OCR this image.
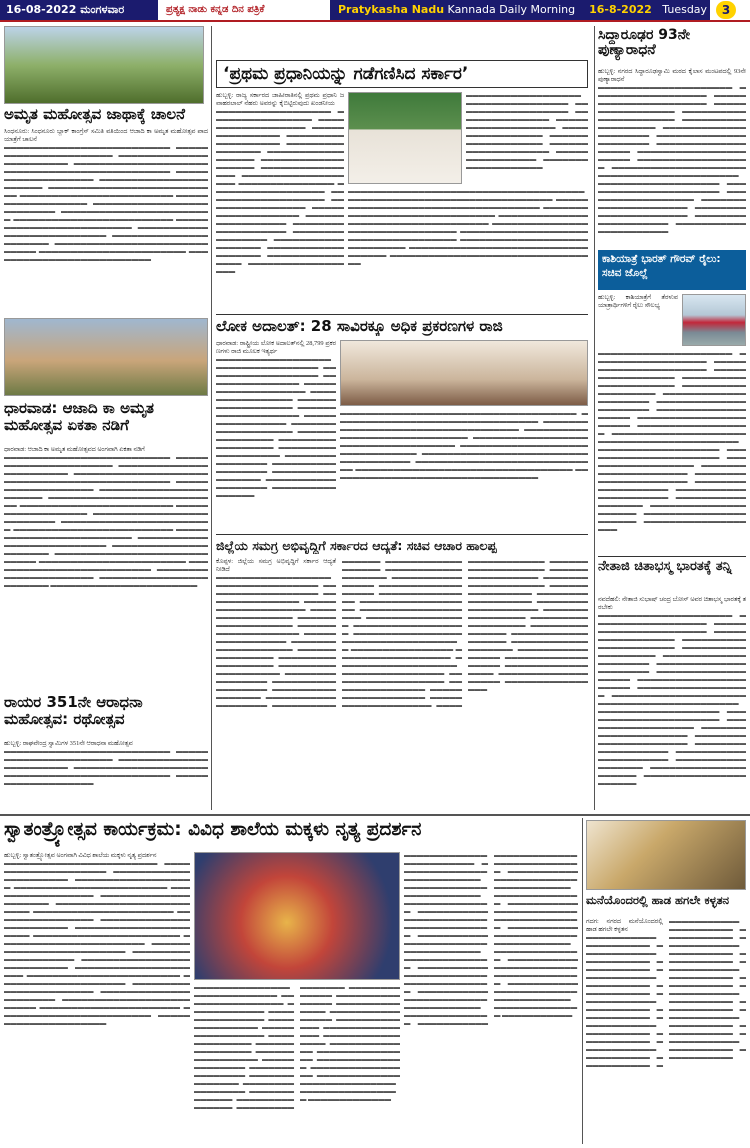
16-08-2022 ಮಂಗಳವಾರ	ಪ್ರತ್ಯಕ್ಷ ನಾಡು ಕನ್ನಡ ದಿನ ಪತ್ರಿಕೆ	Pratykasha Nadu Kannada Daily Morning 16-8-2022 Tuesday	3
ಅಮೃತ ಮಹೋತ್ಸವ ಜಾಥಾಕ್ಕೆ ಚಾಲನೆ
ಸಿಂಧನೂರು: ಸಿಂಧನೂರು ಬ್ಲಾಕ್ ಕಾಂಗ್ರೆಸ್ ಸಮಿತಿ ವತಿಯಿಂದ ಆಜಾದಿ ಕಾ ಅಮೃತ ಮಹೋತ್ಸವ ಪಾದಯಾತ್ರೆಗೆ ಚಾಲನೆ
▬▬▬▬▬▬▬▬▬▬▬▬▬▬▬▬▬▬▬▬▬▬▬▬▬▬ ▬▬▬▬▬▬▬▬▬▬▬▬▬▬▬▬▬▬▬▬▬▬ ▬▬▬▬▬▬▬▬▬▬▬▬▬▬▬▬▬▬▬▬▬▬▬▬ ▬▬▬▬▬▬▬▬▬▬▬▬▬▬▬▬▬▬▬▬▬ ▬▬▬▬▬▬▬▬▬▬▬▬▬▬▬▬▬▬▬▬▬▬▬▬▬▬ ▬▬▬▬▬▬▬▬▬▬▬▬▬▬▬▬▬▬▬ ▬▬▬▬▬▬▬▬▬▬▬▬▬▬▬▬▬▬▬▬▬▬▬ ▬▬▬▬▬▬▬▬▬▬▬▬▬▬▬▬▬▬▬▬▬▬▬▬▬▬▬ ▬▬▬▬▬▬▬▬▬▬▬▬▬▬▬▬▬▬▬▬▬▬▬▬ ▬▬▬▬▬▬▬▬▬▬▬▬▬▬▬▬▬▬ ▬▬▬▬▬▬▬▬▬▬▬▬▬▬▬▬▬▬▬▬▬▬▬▬▬▬ ▬▬▬▬▬▬▬▬▬▬▬▬▬▬▬▬▬▬▬▬▬▬▬▬ ▬▬▬▬▬▬▬▬▬▬▬▬▬▬▬▬▬▬▬▬▬▬▬▬▬ ▬▬▬▬▬▬▬▬▬▬▬▬▬▬▬▬▬▬▬▬▬▬▬▬▬ ▬▬▬▬▬▬▬▬▬▬▬▬▬▬▬▬▬▬▬▬▬▬▬▬▬▬▬ ▬▬▬▬▬▬▬▬▬▬▬▬▬▬▬▬▬▬▬▬▬▬ ▬▬▬▬▬▬▬▬▬▬▬▬▬▬▬▬▬▬▬▬▬▬▬▬▬▬▬▬▬ ▬▬▬▬▬▬▬▬▬▬▬▬▬▬▬▬▬▬▬▬▬▬▬ ▬▬▬▬▬▬▬▬▬▬▬▬▬▬▬▬▬▬▬▬▬▬▬▬▬▬
ಧಾರವಾಡ: ಆಜಾದಿ ಕಾ ಅಮೃತ ಮಹೋತ್ಸವ ಏಕತಾ ನಡಿಗೆ
ಧಾರವಾಡ: ಆಜಾದಿ ಕಾ ಅಮೃತ ಮಹೋತ್ಸವದ ಅಂಗವಾಗಿ ಏಕತಾ ನಡಿಗೆ
▬▬▬▬▬▬▬▬▬▬▬▬▬▬▬▬▬▬▬▬▬▬▬▬▬▬ ▬▬▬▬▬▬▬▬▬▬▬▬▬▬▬▬▬▬▬▬▬▬ ▬▬▬▬▬▬▬▬▬▬▬▬▬▬▬▬▬▬▬▬▬▬▬▬ ▬▬▬▬▬▬▬▬▬▬▬▬▬▬▬▬▬▬▬▬▬ ▬▬▬▬▬▬▬▬▬▬▬▬▬▬▬▬▬▬▬▬▬▬▬▬▬▬ ▬▬▬▬▬▬▬▬▬▬▬▬▬▬▬▬▬▬▬ ▬▬▬▬▬▬▬▬▬▬▬▬▬▬▬▬▬▬▬▬▬▬▬ ▬▬▬▬▬▬▬▬▬▬▬▬▬▬▬▬▬▬▬▬▬▬▬▬▬▬▬ ▬▬▬▬▬▬▬▬▬▬▬▬▬▬▬▬▬▬▬▬▬▬▬▬ ▬▬▬▬▬▬▬▬▬▬▬▬▬▬▬▬▬▬ ▬▬▬▬▬▬▬▬▬▬▬▬▬▬▬▬▬▬▬▬▬▬▬▬▬▬ ▬▬▬▬▬▬▬▬▬▬▬▬▬▬▬▬▬▬▬▬▬▬▬▬ ▬▬▬▬▬▬▬▬▬▬▬▬▬▬▬▬▬▬▬▬▬▬▬▬▬ ▬▬▬▬▬▬▬▬▬▬▬▬▬▬▬▬▬▬▬▬▬▬▬▬▬ ▬▬▬▬▬▬▬▬▬▬▬▬▬▬▬▬▬▬▬▬▬▬▬▬▬▬▬ ▬▬▬▬▬▬▬▬▬▬▬▬▬▬▬▬▬▬▬▬▬▬ ▬▬▬▬▬▬▬▬▬▬▬▬▬▬▬▬▬▬▬▬▬▬▬▬▬▬▬▬▬ ▬▬▬▬▬▬▬▬▬▬▬▬▬▬▬▬▬▬▬▬▬▬▬ ▬▬▬▬▬▬▬▬▬▬▬▬▬▬▬▬▬▬▬▬▬▬▬▬▬▬ ▬▬▬▬▬▬▬▬▬▬▬▬▬▬▬▬▬▬▬▬▬▬ ▬▬▬▬▬▬▬▬▬▬▬▬▬▬▬▬▬▬▬▬▬▬▬▬ ▬▬▬▬▬▬▬▬▬▬▬▬▬▬▬▬▬▬▬▬▬▬▬
ರಾಯರ 351ನೇ ಆರಾಧನಾ ಮಹೋತ್ಸವ: ರಥೋತ್ಸವ
ಹುಬ್ಬಳ್ಳಿ: ರಾಘವೇಂದ್ರ ಸ್ವಾಮಿಗಳ 351ನೇ ಆರಾಧನಾ ಮಹೋತ್ಸವ
▬▬▬▬▬▬▬▬▬▬▬▬▬▬▬▬▬▬▬▬▬▬▬▬▬▬ ▬▬▬▬▬▬▬▬▬▬▬▬▬▬▬▬▬▬▬▬▬▬ ▬▬▬▬▬▬▬▬▬▬▬▬▬▬▬▬▬▬▬▬▬▬▬▬ ▬▬▬▬▬▬▬▬▬▬▬▬▬▬▬▬▬▬▬▬▬ ▬▬▬▬▬▬▬▬▬▬▬▬▬▬▬▬▬▬▬▬▬▬▬▬▬▬ ▬▬▬▬▬▬▬▬▬▬▬▬▬▬▬▬▬▬▬
‘ಪ್ರಥಮ ಪ್ರಧಾನಿಯನ್ನು ಗಡೆಗಣಿಸಿದ ಸರ್ಕಾರ’
ಹುಬ್ಬಳ್ಳಿ: ರಾಜ್ಯ ಸರ್ಕಾರದ ಜಾಹೀರಾತಿನಲ್ಲಿ ಪ್ರಥಮ ಪ್ರಧಾನಿ ಜವಾಹರಲಾಲ್ ನೆಹರು ಅವರನ್ನು ಕೈಬಿಟ್ಟಿರುವುದು ಖಂಡನೀಯ
▬▬▬▬▬▬▬▬▬▬▬▬▬▬▬▬▬▬ ▬▬▬▬▬▬▬▬▬▬▬▬▬▬▬▬ ▬▬▬▬▬▬▬▬▬▬▬▬▬▬▬▬▬▬ ▬▬▬▬▬▬▬▬▬▬▬▬▬▬▬ ▬▬▬▬▬▬▬▬▬▬▬▬▬▬▬▬▬▬▬ ▬▬▬▬▬▬▬▬▬▬▬▬▬▬▬▬ ▬▬▬▬▬▬▬▬▬▬▬▬▬▬▬▬▬▬ ▬▬▬▬▬▬▬▬▬▬▬▬▬▬▬▬▬▬▬ ▬▬▬▬▬▬▬▬▬▬▬▬▬▬▬▬ ▬▬▬▬▬▬▬▬▬▬▬▬▬▬▬▬▬▬▬ ▬▬▬▬▬▬▬▬▬▬▬▬▬▬▬ ▬▬▬▬▬▬▬▬▬▬▬▬▬▬▬▬▬▬ ▬▬▬▬▬▬▬▬▬▬▬▬▬▬▬▬▬▬▬ ▬▬▬▬▬▬▬▬▬▬▬▬▬▬▬▬ ▬▬▬▬▬▬▬▬▬▬▬▬▬▬▬▬▬▬ ▬▬▬▬▬▬▬▬▬▬▬▬▬▬▬▬▬ ▬▬▬▬▬▬▬▬▬▬▬▬▬▬▬▬▬▬▬ ▬▬▬▬▬▬▬▬▬▬▬▬▬▬▬▬ ▬▬▬▬▬▬▬▬▬▬▬▬▬▬▬▬▬▬ ▬▬▬▬▬▬▬▬▬▬▬▬▬▬▬▬▬▬▬ ▬▬▬▬▬▬▬▬▬▬▬▬▬▬▬▬ ▬▬▬▬▬▬▬▬▬▬▬▬▬▬▬▬▬▬
▬▬▬▬▬▬▬▬▬▬▬▬▬▬▬▬▬▬ ▬▬▬▬▬▬▬▬▬▬▬▬▬▬▬▬ ▬▬▬▬▬▬▬▬▬▬▬▬▬▬▬▬▬▬ ▬▬▬▬▬▬▬▬▬▬▬▬▬▬▬ ▬▬▬▬▬▬▬▬▬▬▬▬▬▬▬▬▬▬▬ ▬▬▬▬▬▬▬▬▬▬▬▬▬▬▬▬ ▬▬▬▬▬▬▬▬▬▬▬▬▬▬▬▬▬▬ ▬▬▬▬▬▬▬▬▬▬▬▬▬▬▬▬▬▬▬ ▬▬▬▬▬▬▬▬▬▬▬▬▬▬▬▬ ▬▬▬▬▬▬▬▬▬▬▬▬▬▬▬▬▬▬▬
▬▬▬▬▬▬▬▬▬▬▬▬▬▬▬▬▬▬▬▬▬▬▬▬▬▬▬▬▬▬▬▬▬▬▬▬▬ ▬▬▬▬▬▬▬▬▬▬▬▬▬▬▬▬▬▬▬▬▬▬▬▬▬▬▬▬▬▬▬▬ ▬▬▬▬▬▬▬▬▬▬▬▬▬▬▬▬▬▬▬▬▬▬▬▬▬▬▬▬▬▬▬▬▬▬▬ ▬▬▬▬▬▬▬▬▬▬▬▬▬▬▬▬▬▬▬▬▬▬▬▬▬▬▬▬▬▬ ▬▬▬▬▬▬▬▬▬▬▬▬▬▬▬▬▬▬▬▬▬▬▬▬▬▬▬▬▬▬▬▬▬▬▬▬ ▬▬▬▬▬▬▬▬▬▬▬▬▬▬▬▬▬▬▬▬▬▬▬▬▬▬▬▬▬▬▬▬ ▬▬▬▬▬▬▬▬▬▬▬▬▬▬▬▬▬▬▬▬▬▬▬▬▬▬▬▬▬▬▬▬▬▬▬▬▬ ▬▬▬▬▬▬▬▬▬▬▬▬▬▬▬▬▬▬▬▬▬▬▬▬▬▬▬▬▬ ▬▬▬▬▬▬▬▬▬▬▬▬▬▬▬▬▬▬▬▬▬▬▬▬▬▬▬▬▬▬▬▬▬▬ ▬▬▬▬▬▬▬▬▬▬▬▬▬▬▬▬▬▬▬▬▬▬▬▬▬▬▬▬▬▬▬▬▬
ಲೋಕ ಅದಾಲತ್: 28 ಸಾವಿರಕ್ಕೂ ಅಧಿಕ ಪ್ರಕರಣಗಳ ರಾಜಿ
ಧಾರವಾಡ: ರಾಷ್ಟ್ರೀಯ ಲೋಕ ಅದಾಲತ್‌ನಲ್ಲಿ 28,799 ಪ್ರಕರಣಗಳು ರಾಜಿ ಮೂಲಕ ಇತ್ಯರ್ಥ
▬▬▬▬▬▬▬▬▬▬▬▬▬▬▬▬▬▬ ▬▬▬▬▬▬▬▬▬▬▬▬▬▬▬▬ ▬▬▬▬▬▬▬▬▬▬▬▬▬▬▬▬▬▬ ▬▬▬▬▬▬▬▬▬▬▬▬▬▬▬ ▬▬▬▬▬▬▬▬▬▬▬▬▬▬▬▬▬▬▬ ▬▬▬▬▬▬▬▬▬▬▬▬▬▬▬▬ ▬▬▬▬▬▬▬▬▬▬▬▬▬▬▬▬▬▬ ▬▬▬▬▬▬▬▬▬▬▬▬▬▬▬▬▬▬▬ ▬▬▬▬▬▬▬▬▬▬▬▬▬▬▬▬ ▬▬▬▬▬▬▬▬▬▬▬▬▬▬▬▬▬▬▬ ▬▬▬▬▬▬▬▬▬▬▬▬▬▬▬ ▬▬▬▬▬▬▬▬▬▬▬▬▬▬▬▬▬▬ ▬▬▬▬▬▬▬▬▬▬▬▬▬▬▬▬▬▬▬ ▬▬▬▬▬▬▬▬▬▬▬▬▬▬▬▬ ▬▬▬▬▬▬▬▬▬▬▬▬▬▬▬▬▬▬ ▬▬▬▬▬▬▬▬▬▬▬▬▬▬▬▬▬ ▬▬▬▬▬▬▬▬▬▬▬▬▬▬▬▬▬▬▬ ▬▬▬▬▬▬▬▬▬▬▬▬▬▬▬▬
▬▬▬▬▬▬▬▬▬▬▬▬▬▬▬▬▬▬▬▬▬▬▬▬▬▬▬▬▬▬▬▬▬▬▬▬▬ ▬▬▬▬▬▬▬▬▬▬▬▬▬▬▬▬▬▬▬▬▬▬▬▬▬▬▬▬▬▬▬▬ ▬▬▬▬▬▬▬▬▬▬▬▬▬▬▬▬▬▬▬▬▬▬▬▬▬▬▬▬▬▬▬▬▬▬▬ ▬▬▬▬▬▬▬▬▬▬▬▬▬▬▬▬▬▬▬▬▬▬▬▬▬▬▬▬▬▬ ▬▬▬▬▬▬▬▬▬▬▬▬▬▬▬▬▬▬▬▬▬▬▬▬▬▬▬▬▬▬▬▬▬▬▬▬ ▬▬▬▬▬▬▬▬▬▬▬▬▬▬▬▬▬▬▬▬▬▬▬▬▬▬▬▬▬▬▬▬ ▬▬▬▬▬▬▬▬▬▬▬▬▬▬▬▬▬▬▬▬▬▬▬▬▬▬▬▬▬▬▬▬▬▬▬▬▬ ▬▬▬▬▬▬▬▬▬▬▬▬▬▬▬▬▬▬▬▬▬▬▬▬▬▬▬▬▬ ▬▬▬▬▬▬▬▬▬▬▬▬▬▬▬▬▬▬▬▬▬▬▬▬▬▬▬▬▬▬▬▬▬▬ ▬▬▬▬▬▬▬▬▬▬▬▬▬▬▬▬▬▬▬▬▬▬▬▬▬▬▬▬▬▬▬▬▬
ಜಿಲ್ಲೆಯ ಸಮಗ್ರ ಅಭಿವೃದ್ಧಿಗೆ ಸರ್ಕಾರದ ಆದ್ಯತೆ: ಸಚಿವ ಆಚಾರ ಹಾಲಪ್ಪ
ಕೊಪ್ಪಳ: ಜಿಲ್ಲೆಯ ಸಮಗ್ರ ಅಭಿವೃದ್ಧಿಗೆ ಸರ್ಕಾರ ಆದ್ಯತೆ ನೀಡಿದೆ
▬▬▬▬▬▬▬▬▬▬▬▬▬▬▬▬▬▬ ▬▬▬▬▬▬▬▬▬▬▬▬▬▬▬▬ ▬▬▬▬▬▬▬▬▬▬▬▬▬▬▬▬▬▬ ▬▬▬▬▬▬▬▬▬▬▬▬▬▬▬ ▬▬▬▬▬▬▬▬▬▬▬▬▬▬▬▬▬▬▬ ▬▬▬▬▬▬▬▬▬▬▬▬▬▬▬▬ ▬▬▬▬▬▬▬▬▬▬▬▬▬▬▬▬▬▬ ▬▬▬▬▬▬▬▬▬▬▬▬▬▬▬▬▬▬▬ ▬▬▬▬▬▬▬▬▬▬▬▬▬▬▬▬ ▬▬▬▬▬▬▬▬▬▬▬▬▬▬▬▬▬▬▬ ▬▬▬▬▬▬▬▬▬▬▬▬▬▬▬ ▬▬▬▬▬▬▬▬▬▬▬▬▬▬▬▬▬▬ ▬▬▬▬▬▬▬▬▬▬▬▬▬▬▬▬▬▬▬ ▬▬▬▬▬▬▬▬▬▬▬▬▬▬▬▬ ▬▬▬▬▬▬▬▬▬▬▬▬▬▬▬▬▬▬ ▬▬▬▬▬▬▬▬▬▬▬▬▬▬▬▬▬ ▬▬▬▬▬▬▬▬▬▬▬▬▬▬▬▬▬▬▬ ▬▬▬▬▬▬▬▬▬▬▬▬▬▬▬▬ ▬▬▬▬▬▬▬▬▬▬▬▬▬▬▬▬▬▬ ▬▬▬▬▬▬▬▬▬▬▬▬▬▬▬▬▬▬▬ ▬▬▬▬▬▬▬▬▬▬▬▬▬▬▬▬ ▬▬▬▬▬▬▬▬▬▬▬▬▬▬▬▬▬▬ ▬▬▬▬▬▬▬▬▬▬▬▬▬▬▬ ▬▬▬▬▬▬▬▬▬▬▬▬▬▬▬▬▬▬ ▬▬▬▬▬▬▬▬▬▬▬▬▬▬▬▬▬▬▬ ▬▬▬▬▬▬▬▬▬▬▬▬▬▬▬▬ ▬▬▬▬▬▬▬▬▬▬▬▬▬▬▬▬▬▬ ▬▬▬▬▬▬▬▬▬▬▬▬▬▬▬▬▬ ▬▬▬▬▬▬▬▬▬▬▬▬▬▬▬▬▬▬▬ ▬▬▬▬▬▬▬▬▬▬▬▬▬▬▬▬ ▬▬▬▬▬▬▬▬▬▬▬▬▬▬▬▬▬▬ ▬▬▬▬▬▬▬▬▬▬▬▬▬▬▬▬▬▬▬ ▬▬▬▬▬▬▬▬▬▬▬▬▬▬▬▬ ▬▬▬▬▬▬▬▬▬▬▬▬▬▬▬▬▬▬ ▬▬▬▬▬▬▬▬▬▬▬▬▬▬▬ ▬▬▬▬▬▬▬▬▬▬▬▬▬▬▬▬▬▬ ▬▬▬▬▬▬▬▬▬▬▬▬▬▬▬▬▬▬▬ ▬▬▬▬▬▬▬▬▬▬▬▬▬▬▬▬ ▬▬▬▬▬▬▬▬▬▬▬▬▬▬▬▬▬▬ ▬▬▬▬▬▬▬▬▬▬▬▬▬▬▬▬▬ ▬▬▬▬▬▬▬▬▬▬▬▬▬▬▬▬▬▬▬ ▬▬▬▬▬▬▬▬▬▬▬▬▬▬▬▬ ▬▬▬▬▬▬▬▬▬▬▬▬▬▬▬▬▬▬ ▬▬▬▬▬▬▬▬▬▬▬▬▬▬▬▬▬▬▬ ▬▬▬▬▬▬▬▬▬▬▬▬▬▬▬▬ ▬▬▬▬▬▬▬▬▬▬▬▬▬▬▬▬▬▬ ▬▬▬▬▬▬▬▬▬▬▬▬▬▬▬ ▬▬▬▬▬▬▬▬▬▬▬▬▬▬▬▬▬▬ ▬▬▬▬▬▬▬▬▬▬▬▬▬▬▬▬▬▬▬ ▬▬▬▬▬▬▬▬▬▬▬▬▬▬▬▬ ▬▬▬▬▬▬▬▬▬▬▬▬▬▬▬▬▬▬ ▬▬▬▬▬▬▬▬▬▬▬▬▬▬▬▬▬ ▬▬▬▬▬▬▬▬▬▬▬▬▬▬▬▬▬▬▬ ▬▬▬▬▬▬▬▬▬▬▬▬▬▬▬▬
ಸಿದ್ದಾರೂಢರ 93ನೇ ಪುಣ್ಯಾರಾಧನೆ
ಹುಬ್ಬಳ್ಳಿ: ನಗರದ ಸಿದ್ಧಾರೂಢಸ್ವಾಮಿ ಮಠದ ಕೈಲಾಸ ಮಂಟಪದಲ್ಲಿ 93ನೇ ಪುಣ್ಯಾರಾಧನೆ
▬▬▬▬▬▬▬▬▬▬▬▬▬▬▬▬▬▬▬▬▬ ▬▬▬▬▬▬▬▬▬▬▬▬▬▬▬▬▬▬ ▬▬▬▬▬▬▬▬▬▬▬▬▬▬▬▬▬▬▬▬▬▬ ▬▬▬▬▬▬▬▬▬▬▬▬▬▬▬▬▬ ▬▬▬▬▬▬▬▬▬▬▬▬▬▬▬▬▬▬▬▬▬▬ ▬▬▬▬▬▬▬▬▬▬▬▬▬▬▬▬▬▬▬ ▬▬▬▬▬▬▬▬▬▬▬▬▬▬▬▬▬▬▬▬▬ ▬▬▬▬▬▬▬▬▬▬▬▬▬▬▬▬▬▬▬▬▬▬ ▬▬▬▬▬▬▬▬▬▬▬▬▬▬▬▬▬▬▬ ▬▬▬▬▬▬▬▬▬▬▬▬▬▬▬▬▬▬▬▬▬▬ ▬▬▬▬▬▬▬▬▬▬▬▬▬▬▬▬▬▬ ▬▬▬▬▬▬▬▬▬▬▬▬▬▬▬▬▬▬▬▬▬ ▬▬▬▬▬▬▬▬▬▬▬▬▬▬▬▬▬▬▬▬▬▬ ▬▬▬▬▬▬▬▬▬▬▬▬▬▬▬▬▬▬▬ ▬▬▬▬▬▬▬▬▬▬▬▬▬▬▬▬▬▬▬▬▬▬ ▬▬▬▬▬▬▬▬▬▬▬▬▬▬▬▬▬▬ ▬▬▬▬▬▬▬▬▬▬▬▬▬▬▬▬▬▬▬▬▬ ▬▬▬▬▬▬▬▬▬▬▬▬▬▬▬▬▬▬▬▬▬▬ ▬▬▬▬▬▬▬▬▬▬▬▬▬▬▬▬▬▬▬ ▬▬▬▬▬▬▬▬▬▬▬▬▬▬▬▬▬▬▬▬▬▬
ಕಾಶಿಯಾತ್ರೆ ಭಾರತ್ ಗೌರವ್ ರೈಲು: ಸಚಿವ ಜೊಲ್ಲೆ
ಹುಬ್ಬಳ್ಳಿ: ಕಾಶಿಯಾತ್ರೆಗೆ ತೆರಳುವ ಯಾತ್ರಾರ್ಥಿಗಳಿಗೆ ರೈಲು ಸೌಲಭ್ಯ
▬▬▬▬▬▬▬▬▬▬▬▬▬▬▬▬▬▬▬▬▬ ▬▬▬▬▬▬▬▬▬▬▬▬▬▬▬▬▬▬ ▬▬▬▬▬▬▬▬▬▬▬▬▬▬▬▬▬▬▬▬▬▬ ▬▬▬▬▬▬▬▬▬▬▬▬▬▬▬▬▬ ▬▬▬▬▬▬▬▬▬▬▬▬▬▬▬▬▬▬▬▬▬▬ ▬▬▬▬▬▬▬▬▬▬▬▬▬▬▬▬▬▬▬ ▬▬▬▬▬▬▬▬▬▬▬▬▬▬▬▬▬▬▬▬▬ ▬▬▬▬▬▬▬▬▬▬▬▬▬▬▬▬▬▬▬▬▬▬ ▬▬▬▬▬▬▬▬▬▬▬▬▬▬▬▬▬▬▬ ▬▬▬▬▬▬▬▬▬▬▬▬▬▬▬▬▬▬▬▬▬▬ ▬▬▬▬▬▬▬▬▬▬▬▬▬▬▬▬▬▬ ▬▬▬▬▬▬▬▬▬▬▬▬▬▬▬▬▬▬▬▬▬ ▬▬▬▬▬▬▬▬▬▬▬▬▬▬▬▬▬▬▬▬▬▬ ▬▬▬▬▬▬▬▬▬▬▬▬▬▬▬▬▬▬▬ ▬▬▬▬▬▬▬▬▬▬▬▬▬▬▬▬▬▬▬▬▬▬ ▬▬▬▬▬▬▬▬▬▬▬▬▬▬▬▬▬▬ ▬▬▬▬▬▬▬▬▬▬▬▬▬▬▬▬▬▬▬▬▬ ▬▬▬▬▬▬▬▬▬▬▬▬▬▬▬▬▬▬▬▬▬▬ ▬▬▬▬▬▬▬▬▬▬▬▬▬▬▬▬▬▬▬ ▬▬▬▬▬▬▬▬▬▬▬▬▬▬▬▬▬▬▬▬▬▬ ▬▬▬▬▬▬▬▬▬▬▬▬▬▬▬▬▬▬ ▬▬▬▬▬▬▬▬▬▬▬▬▬▬▬▬▬▬▬▬▬ ▬▬▬▬▬▬▬▬▬▬▬▬▬▬▬▬▬▬▬▬▬▬ ▬▬▬▬▬▬▬▬▬▬▬▬▬▬▬▬▬▬▬
ನೇತಾಜಿ ಚಿತಾಭಸ್ಮ ಭಾರತಕ್ಕೆ ತನ್ನಿ
ನವದೆಹಲಿ: ನೇತಾಜಿ ಸುಭಾಷ್ ಚಂದ್ರ ಬೋಸ್ ಅವರ ಚಿತಾಭಸ್ಮ ಭಾರತಕ್ಕೆ ತರಬೇಕು
▬▬▬▬▬▬▬▬▬▬▬▬▬▬▬▬▬▬▬▬▬ ▬▬▬▬▬▬▬▬▬▬▬▬▬▬▬▬▬▬ ▬▬▬▬▬▬▬▬▬▬▬▬▬▬▬▬▬▬▬▬▬▬ ▬▬▬▬▬▬▬▬▬▬▬▬▬▬▬▬▬ ▬▬▬▬▬▬▬▬▬▬▬▬▬▬▬▬▬▬▬▬▬▬ ▬▬▬▬▬▬▬▬▬▬▬▬▬▬▬▬▬▬▬ ▬▬▬▬▬▬▬▬▬▬▬▬▬▬▬▬▬▬▬▬▬ ▬▬▬▬▬▬▬▬▬▬▬▬▬▬▬▬▬▬▬▬▬▬ ▬▬▬▬▬▬▬▬▬▬▬▬▬▬▬▬▬▬▬ ▬▬▬▬▬▬▬▬▬▬▬▬▬▬▬▬▬▬▬▬▬▬ ▬▬▬▬▬▬▬▬▬▬▬▬▬▬▬▬▬▬ ▬▬▬▬▬▬▬▬▬▬▬▬▬▬▬▬▬▬▬▬▬ ▬▬▬▬▬▬▬▬▬▬▬▬▬▬▬▬▬▬▬▬▬▬ ▬▬▬▬▬▬▬▬▬▬▬▬▬▬▬▬▬▬▬ ▬▬▬▬▬▬▬▬▬▬▬▬▬▬▬▬▬▬▬▬▬▬ ▬▬▬▬▬▬▬▬▬▬▬▬▬▬▬▬▬▬ ▬▬▬▬▬▬▬▬▬▬▬▬▬▬▬▬▬▬▬▬▬ ▬▬▬▬▬▬▬▬▬▬▬▬▬▬▬▬▬▬▬▬▬▬ ▬▬▬▬▬▬▬▬▬▬▬▬▬▬▬▬▬▬▬ ▬▬▬▬▬▬▬▬▬▬▬▬▬▬▬▬▬▬▬▬▬▬ ▬▬▬▬▬▬▬▬▬▬▬▬▬▬▬▬▬▬ ▬▬▬▬▬▬▬▬▬▬▬▬▬▬▬▬▬▬▬▬▬ ▬▬▬▬▬▬▬▬▬▬▬▬▬▬▬▬▬▬▬▬▬▬
ಸ್ವಾತಂತ್ರ್ಯೋತ್ಸವ ಕಾರ್ಯಕ್ರಮ: ವಿವಿಧ ಶಾಲೆಯ ಮಕ್ಕಳು ನೃತ್ಯ ಪ್ರದರ್ಶನ
ಹುಬ್ಬಳ್ಳಿ: ಸ್ವಾತಂತ್ರ್ಯೋತ್ಸವ ಅಂಗವಾಗಿ ವಿವಿಧ ಶಾಲೆಯ ಮಕ್ಕಳು ನೃತ್ಯ ಪ್ರದರ್ಶನ
▬▬▬▬▬▬▬▬▬▬▬▬▬▬▬▬▬▬▬▬▬▬▬▬ ▬▬▬▬▬▬▬▬▬▬▬▬▬▬▬▬▬▬▬▬ ▬▬▬▬▬▬▬▬▬▬▬▬▬▬▬▬▬▬▬▬▬▬ ▬▬▬▬▬▬▬▬▬▬▬▬▬▬▬▬▬▬▬ ▬▬▬▬▬▬▬▬▬▬▬▬▬▬▬▬▬▬▬▬▬▬▬▬ ▬▬▬▬▬▬▬▬▬▬▬▬▬▬▬▬▬ ▬▬▬▬▬▬▬▬▬▬▬▬▬▬▬▬▬▬▬▬▬ ▬▬▬▬▬▬▬▬▬▬▬▬▬▬▬▬▬▬▬▬▬▬▬▬▬ ▬▬▬▬▬▬▬▬▬▬▬▬▬▬▬▬▬▬▬▬▬▬ ▬▬▬▬▬▬▬▬▬▬▬▬▬▬▬▬ ▬▬▬▬▬▬▬▬▬▬▬▬▬▬▬▬▬▬▬▬▬▬▬▬ ▬▬▬▬▬▬▬▬▬▬▬▬▬▬▬▬▬▬▬▬▬▬ ▬▬▬▬▬▬▬▬▬▬▬▬▬▬▬▬▬▬▬▬▬▬▬ ▬▬▬▬▬▬▬▬▬▬▬▬▬▬▬▬▬▬▬▬▬▬▬ ▬▬▬▬▬▬▬▬▬▬▬▬▬▬▬▬▬▬▬▬▬▬▬▬▬ ▬▬▬▬▬▬▬▬▬▬▬▬▬▬▬▬▬▬▬▬ ▬▬▬▬▬▬▬▬▬▬▬▬▬▬▬▬▬▬▬▬▬▬▬▬▬▬▬ ▬▬▬▬▬▬▬▬▬▬▬▬▬▬▬▬▬▬▬▬▬ ▬▬▬▬▬▬▬▬▬▬▬▬▬▬▬▬▬▬▬▬▬▬▬▬ ▬▬▬▬▬▬▬▬▬▬▬▬▬▬▬▬▬▬▬▬ ▬▬▬▬▬▬▬▬▬▬▬▬▬▬▬▬▬▬▬▬▬▬▬ ▬▬▬▬▬▬▬▬▬▬▬▬▬▬▬▬▬▬▬▬▬▬ ▬▬▬▬▬▬▬▬▬▬▬▬▬▬▬▬▬▬▬▬▬▬▬▬▬ ▬▬▬▬▬▬▬▬▬▬▬▬▬▬▬▬▬▬▬▬▬▬ ▬▬▬▬▬▬▬▬▬▬▬▬▬▬▬▬▬▬▬▬▬▬▬▬ ▬▬▬▬▬▬▬▬▬▬▬▬▬▬▬▬▬▬▬▬▬
▬▬▬▬▬▬▬▬▬▬▬▬▬▬▬ ▬▬▬▬▬▬▬▬▬▬▬▬▬ ▬▬▬▬▬▬▬▬▬▬▬▬▬▬▬▬ ▬▬▬▬▬▬▬▬▬▬▬▬ ▬▬▬▬▬▬▬▬▬▬▬▬▬▬▬ ▬▬▬▬▬▬▬▬▬▬▬▬▬▬ ▬▬▬▬▬▬▬▬▬▬▬▬▬▬▬▬ ▬▬▬▬▬▬▬▬▬▬▬▬▬ ▬▬▬▬▬▬▬▬▬▬▬▬▬▬▬ ▬▬▬▬▬▬▬▬▬▬▬▬▬▬▬▬ ▬▬▬▬▬▬▬▬▬▬▬▬▬ ▬▬▬▬▬▬▬▬▬▬▬▬▬▬▬ ▬▬▬▬▬▬▬▬▬▬▬▬▬▬ ▬▬▬▬▬▬▬▬▬▬▬▬▬▬▬▬ ▬▬▬▬▬▬▬▬▬▬▬▬▬ ▬▬▬▬▬▬▬▬▬▬▬▬▬▬▬ ▬▬▬▬▬▬▬▬▬▬▬▬▬▬▬▬ ▬▬▬▬▬▬▬▬▬▬▬▬▬ ▬▬▬▬▬▬▬▬▬▬▬▬▬▬▬ ▬▬▬▬▬▬▬▬▬▬▬▬▬▬ ▬▬▬▬▬▬▬▬▬▬▬▬▬▬▬▬ ▬▬▬▬▬▬▬▬▬▬▬▬▬ ▬▬▬▬▬▬▬▬▬▬▬▬▬▬▬ ▬▬▬▬▬▬▬▬▬▬▬▬▬▬▬▬ ▬▬▬▬▬▬▬▬▬▬▬▬▬ ▬▬▬▬▬▬▬▬▬▬▬▬▬▬▬ ▬▬▬▬▬▬▬▬▬▬▬▬▬▬ ▬▬▬▬▬▬▬▬▬▬▬▬▬▬▬▬ ▬▬▬▬▬▬▬▬▬▬▬▬▬ ▬▬▬▬▬▬▬▬▬▬▬▬▬▬▬ ▬▬▬▬▬▬▬▬▬▬▬▬▬▬▬▬ ▬▬▬▬▬▬▬▬▬▬▬▬▬
▬▬▬▬▬▬▬▬▬▬▬▬▬ ▬▬▬▬▬▬▬▬▬▬▬ ▬▬▬▬▬▬▬▬▬▬▬▬▬▬ ▬▬▬▬▬▬▬▬▬▬▬▬ ▬▬▬▬▬▬▬▬▬▬▬▬▬ ▬▬▬▬▬▬▬▬▬▬▬▬ ▬▬▬▬▬▬▬▬▬▬▬▬▬▬ ▬▬▬▬▬▬▬▬▬▬▬ ▬▬▬▬▬▬▬▬▬▬▬▬▬ ▬▬▬▬▬▬▬▬▬▬▬▬▬▬ ▬▬▬▬▬▬▬▬▬▬▬ ▬▬▬▬▬▬▬▬▬▬▬▬▬ ▬▬▬▬▬▬▬▬▬▬▬▬ ▬▬▬▬▬▬▬▬▬▬▬▬▬▬ ▬▬▬▬▬▬▬▬▬▬▬ ▬▬▬▬▬▬▬▬▬▬▬▬▬ ▬▬▬▬▬▬▬▬▬▬▬▬▬▬ ▬▬▬▬▬▬▬▬▬▬▬ ▬▬▬▬▬▬▬▬▬▬▬▬▬ ▬▬▬▬▬▬▬▬▬▬▬▬ ▬▬▬▬▬▬▬▬▬▬▬▬▬▬ ▬▬▬▬▬▬▬▬▬▬▬ ▬▬▬▬▬▬▬▬▬▬▬▬▬ ▬▬▬▬▬▬▬▬▬▬▬▬▬▬ ▬▬▬▬▬▬▬▬▬▬▬ ▬▬▬▬▬▬▬▬▬▬▬▬▬ ▬▬▬▬▬▬▬▬▬▬▬▬ ▬▬▬▬▬▬▬▬▬▬▬▬▬▬ ▬▬▬▬▬▬▬▬▬▬▬ ▬▬▬▬▬▬▬▬▬▬▬▬▬ ▬▬▬▬▬▬▬▬▬▬▬▬▬▬ ▬▬▬▬▬▬▬▬▬▬▬ ▬▬▬▬▬▬▬▬▬▬▬▬▬ ▬▬▬▬▬▬▬▬▬▬▬▬ ▬▬▬▬▬▬▬▬▬▬▬▬▬▬ ▬▬▬▬▬▬▬▬▬▬▬ ▬▬▬▬▬▬▬▬▬▬▬▬▬ ▬▬▬▬▬▬▬▬▬▬▬▬▬▬ ▬▬▬▬▬▬▬▬▬▬▬ ▬▬▬▬▬▬▬▬▬▬▬▬▬ ▬▬▬▬▬▬▬▬▬▬▬▬ ▬▬▬▬▬▬▬▬▬▬▬▬▬▬ ▬▬▬▬▬▬▬▬▬▬▬
ಮನೆಯೊಂದರಲ್ಲಿ ಹಾಡ ಹಗಲೇ ಕಳ್ಳತನ
ಗದಗ: ನಗರದ ಮನೆಯೊಂದರಲ್ಲಿ ಹಾಡ ಹಗಲೇ ಕಳ್ಳತನ
▬▬▬▬▬▬▬▬▬▬▬ ▬▬▬▬▬▬▬▬▬▬ ▬▬▬▬▬▬▬▬▬▬▬▬ ▬▬▬▬▬▬▬▬▬▬ ▬▬▬▬▬▬▬▬▬▬▬ ▬▬▬▬▬▬▬▬▬▬▬▬ ▬▬▬▬▬▬▬▬▬▬ ▬▬▬▬▬▬▬▬▬▬▬ ▬▬▬▬▬▬▬▬▬▬▬▬ ▬▬▬▬▬▬▬▬▬▬ ▬▬▬▬▬▬▬▬▬▬▬ ▬▬▬▬▬▬▬▬▬▬▬▬ ▬▬▬▬▬▬▬▬▬▬ ▬▬▬▬▬▬▬▬▬▬▬ ▬▬▬▬▬▬▬▬▬▬▬▬ ▬▬▬▬▬▬▬▬▬▬ ▬▬▬▬▬▬▬▬▬▬▬ ▬▬▬▬▬▬▬▬▬▬▬▬ ▬▬▬▬▬▬▬▬▬▬ ▬▬▬▬▬▬▬▬▬▬▬ ▬▬▬▬▬▬▬▬▬▬▬▬ ▬▬▬▬▬▬▬▬▬▬ ▬▬▬▬▬▬▬▬▬▬▬ ▬▬▬▬▬▬▬▬▬▬▬▬ ▬▬▬▬▬▬▬▬▬▬ ▬▬▬▬▬▬▬▬▬▬▬ ▬▬▬▬▬▬▬▬▬▬▬▬ ▬▬▬▬▬▬▬▬▬▬ ▬▬▬▬▬▬▬▬▬▬▬ ▬▬▬▬▬▬▬▬▬▬▬▬ ▬▬▬▬▬▬▬▬▬▬ ▬▬▬▬▬▬▬▬▬▬▬ ▬▬▬▬▬▬▬▬▬▬▬▬ ▬▬▬▬▬▬▬▬▬▬ ▬▬▬▬▬▬▬▬▬▬▬
